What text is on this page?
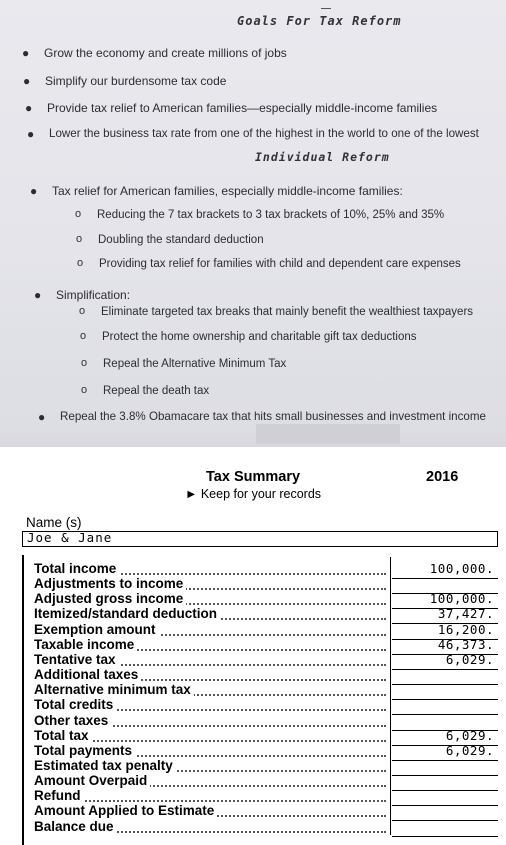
Goals For Tax Reform
● Grow the economy and create millions of jobs
● Simplify our burdensome tax code
● Provide tax relief to American families—especially middle-income families
● Lower the business tax rate from one of the highest in the world to one of the lowest
Individual Reform
● Tax relief for American families, especially middle-income families:
o Reducing the 7 tax brackets to 3 tax brackets of 10%, 25% and 35%
o Doubling the standard deduction
o Providing tax relief for families with child and dependent care expenses
● Simplification:
o Eliminate targeted tax breaks that mainly benefit the wealthiest taxpayers
o Protect the home ownership and charitable gift tax deductions
o Repeal the Alternative Minimum Tax
o Repeal the death tax
● Repeal the 3.8% Obamacare tax that hits small businesses and investment income
Tax Summary
► Keep for your records
2016
Name (s)
Joe & Jane
Total income	100,000.
Adjustments to income
Adjusted gross income	100,000.
Itemized/standard deduction	37,427.
Exemption amount	16,200.
Taxable income	46,373.
Tentative tax	6,029.
Additional taxes
Alternative minimum tax
Total credits
Other taxes
Total tax	6,029.
Total payments	6,029.
Estimated tax penalty
Amount Overpaid
Refund
Amount Applied to Estimate
Balance due
